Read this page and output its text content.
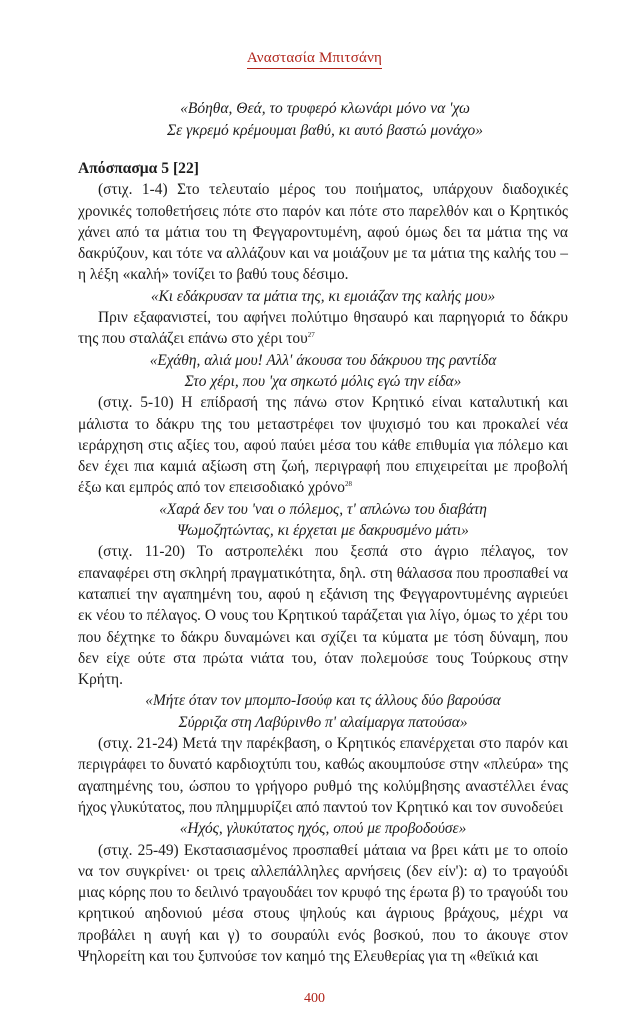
Αναστασία Μπιτσάνη
«Βόηθα, Θεά, το τρυφερό κλωνάρι μόνο να 'χω
Σε γκρεμό κρέμουμαι βαθύ, κι αυτό βαστώ μονάχο»
Απόσπασμα 5 [22]

(στιχ. 1-4) Στο τελευταίο μέρος του ποιήματος, υπάρχουν διαδοχικές χρονικές τοποθετήσεις πότε στο παρόν και πότε στο παρελθόν και ο Κρητικός χάνει από τα μάτια του τη Φεγγαροντυμένη, αφού όμως δει τα μάτια της να δακρύζουν, και τότε να αλλάζουν και να μοιάζουν με τα μάτια της καλής του – η λέξη «καλή» τονίζει το βαθύ τους δέσιμο.

«Κι εδάκρυσαν τα μάτια της, κι εμοιάζαν της καλής μου»

Πριν εξαφανιστεί, του αφήνει πολύτιμο θησαυρό και παρηγοριά το δάκρυ της που σταλάζει επάνω στο χέρι του$^{27}$

«Εχάθη, αλιά μου! Αλλ' άκουσα του δάκρυου της ραντίδα
Στο χέρι, που 'χα σηκωτό μόλις εγώ την είδα»

(στιχ. 5-10) Η επίδρασή της πάνω στον Κρητικό είναι καταλυτική και μάλιστα το δάκρυ της του μεταστρέφει τον ψυχισμό του και προκαλεί νέα ιεράρχηση στις αξίες του, αφού παύει μέσα του κάθε επιθυμία για πόλεμο και δεν έχει πια καμιά αξίωση στη ζωή, περιγραφή που επιχειρείται με προβολή έξω και εμπρός από τον επεισοδιακό χρόνο$^{28}$

«Χαρά δεν του 'ναι ο πόλεμος, τ' απλώνω του διαβάτη
Ψωμοζητώντας, κι έρχεται με δακρυσμένο μάτι»

(στιχ. 11-20) Το αστροπελέκι που ξεσπά στο άγριο πέλαγος, τον επαναφέρει στη σκληρή πραγματικότητα, δηλ. στη θάλασσα που προσπαθεί να καταπιεί την αγαπημένη του, αφού η εξάνιση της Φεγγαροντυμένης αγριεύει εκ νέου το πέλαγος. Ο νους του Κρητικού ταράζεται για λίγο, όμως το χέρι του που δέχτηκε το δάκρυ δυναμώνει και σχίζει τα κύματα με τόση δύναμη, που δεν είχε ούτε στα πρώτα νιάτα του, όταν πολεμούσε τους Τούρκους στην Κρήτη.

«Μήτε όταν τον μπομπο-Ισούφ και τς άλλους δύο βαρούσα
Σύρριζα στη Λαβύρινθο π' αλαίμαργα πατούσα»

(στιχ. 21-24) Μετά την παρέκβαση, ο Κρητικός επανέρχεται στο παρόν και περιγράφει το δυνατό καρδιοχτύπι του, καθώς ακουμπούσε στην «πλεύρα» της αγαπημένης του, ώσπου το γρήγορο ρυθμό της κολύμβησης αναστέλλει ένας ήχος γλυκύτατος, που πλημμυρίζει από παντού τον Κρητικό και τον συνοδεύει

«Ηχός, γλυκύτατος ηχός, οπού με προβοδούσε»

(στιχ. 25-49) Εκστασιασμένος προσπαθεί μάταια να βρει κάτι με το οποίο να τον συγκρίνει· οι τρεις αλλεπάλληλες αρνήσεις (δεν είν'): α) το τραγούδι μιας κόρης που το δειλινό τραγουδάει τον κρυφό της έρωτα β) το τραγούδι του κρητικού αηδονιού μέσα στους ψηλούς και άγριους βράχους, μέχρι να προβάλει η αυγή και γ) το σουραύλι ενός βοσκού, που το άκουγε στον Ψηλορείτη και του ξυπνούσε τον καημό της Ελευθερίας για τη «θεϊκιά και

400
